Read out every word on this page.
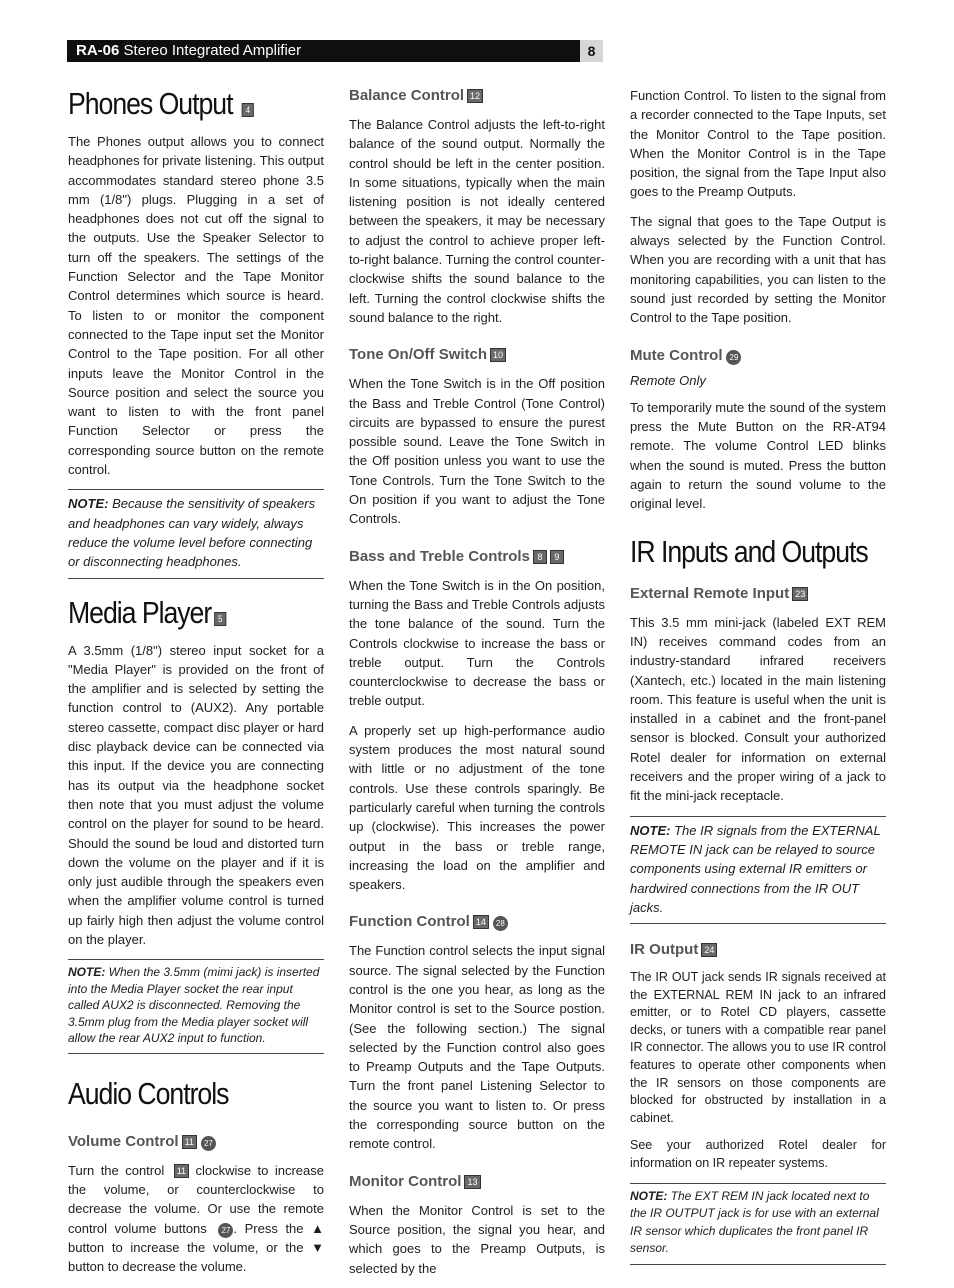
RA-06 Stereo Integrated Amplifier	8
Phones Output 4

The Phones output allows you to connect headphones for private listening. This output accommodates standard stereo phone 3.5 mm (1/8") plugs. Plugging in a set of headphones does not cut off the signal to the outputs. Use the Speaker Selector to turn off the speakers. The settings of the Function Selector and the Tape Monitor Control determines which source is heard. To listen to or monitor the component connected to the Tape input set the Monitor Control to the Tape position. For all other inputs leave the Monitor Control in the Source position and select the source you want to listen to with the front panel Function Selector or press the corresponding source button on the remote control.

NOTE: Because the sensitivity of speakers and headphones can vary widely, always reduce the volume level before connecting or disconnecting headphones.
Media Player 5

A 3.5mm (1/8") stereo input socket for a "Media Player" is provided on the front of the amplifier and is selected by setting the function control to (AUX2). Any portable stereo cassette, compact disc player or hard disc playback device can be connected via this input. If the device you are connecting has its output via the headphone socket then note that you must adjust the volume control on the player for sound to be heard. Should the sound be loud and distorted turn down the volume on the player and if it is only just audible through the speakers even when the amplifier volume control is turned up fairly high then adjust the volume control on the player.

NOTE: When the 3.5mm (mimi jack) is inserted into the Media Player socket the rear input called AUX2 is disconnected. Removing the 3.5mm plug from the Media player socket will allow the rear AUX2 input to function.
Audio Controls
Volume Control 11 27

Turn the control 11 clockwise to increase the volume, or counterclockwise to decrease the volume. Or use the remote control volume buttons 27 . Press the ▲ button to increase the volume, or the ▼ button to decrease the volume.

Balance Control 12

The Balance Control adjusts the left-to-right balance of the sound output. Normally the control should be left in the center position. In some situations, typically when the main listening position is not ideally centered between the speakers, it may be necessary to adjust the control to achieve proper left-to-right balance. Turning the control counter-clockwise shifts the sound balance to the left. Turning the control clockwise shifts the sound balance to the right.

Tone On/Off Switch 10

When the Tone Switch is in the Off position the Bass and Treble Control (Tone Control) circuits are bypassed to ensure the purest possible sound. Leave the Tone Switch in the Off position unless you want to use the Tone Controls. Turn the Tone Switch to the On position if you want to adjust the Tone Controls.

Bass and Treble Controls 8 9

When the Tone Switch is in the On position, turning the Bass and Treble Controls adjusts the tone balance of the sound. Turn the Controls clockwise to increase the bass or treble output. Turn the Controls counterclockwise to decrease the bass or treble output.

A properly set up high-performance audio system produces the most natural sound with little or no adjustment of the tone controls. Use these controls sparingly. Be particularly careful when turning the controls up (clockwise). This increases the power output in the bass or treble range, increasing the load on the amplifier and speakers.

Function Control 14 28

The Function control selects the input signal source. The signal selected by the Function control is the one you hear, as long as the Monitor control is set to the Source postion. (See the following section.) The signal selected by the Function control also goes to Preamp Outputs and the Tape Outputs. Turn the front panel Listening Selector to the source you want to listen to. Or press the corresponding source button on the remote control.

Monitor Control 13

When the Monitor Control is set to the Source position, the signal you hear, and which goes to the Preamp Outputs, is selected by the

Function Control. To listen to the signal from a recorder connected to the Tape Inputs, set the Monitor Control to the Tape position. When the Monitor Control is in the Tape position, the signal from the Tape Input also goes to the Preamp Outputs.

The signal that goes to the Tape Output is always selected by the Function Control. When you are recording with a unit that has monitoring capabilities, you can listen to the sound just recorded by setting the Monitor Control to the Tape position.

Mute Control 29

Remote Only

To temporarily mute the sound of the system press the Mute Button on the RR-AT94 remote. The volume Control LED blinks when the sound is muted. Press the button again to return the sound volume to the original level.

IR Inputs and Outputs
External Remote Input 23

This 3.5 mm mini-jack (labeled EXT REM IN) receives command codes from an industry-standard infrared receivers (Xantech, etc.) located in the main listening room. This feature is useful when the unit is installed in a cabinet and the front-panel sensor is blocked. Consult your authorized Rotel dealer for information on external receivers and the proper wiring of a jack to fit the mini-jack receptacle.

NOTE: The IR signals from the EXTERNAL REMOTE IN jack can be relayed to source components using external IR emitters or hardwired connections from the IR OUT jacks.
IR Output 24

The IR OUT jack sends IR signals received at the EXTERNAL REM IN jack to an infrared emitter, or to Rotel CD players, cassette decks, or tuners with a compatible rear panel IR connector. The allows you to use IR control features to operate other components when the IR sensors on those components are blocked for obstructed by installation in a cabinet.

See your authorized Rotel dealer for information on IR repeater systems.

NOTE: The EXT REM IN jack located next to the IR OUTPUT jack is for use with an external IR sensor which duplicates the front panel IR sensor.
